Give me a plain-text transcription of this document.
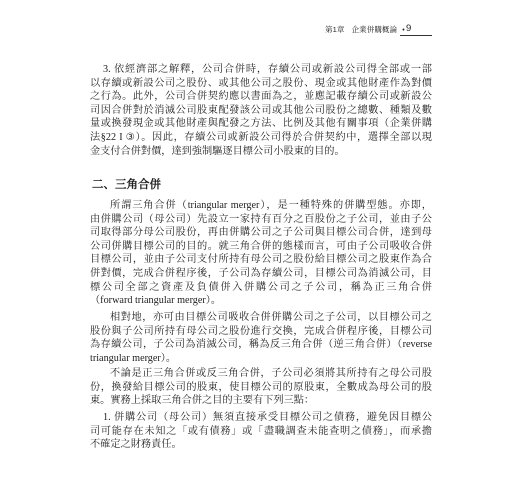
第1章 企業併購概論 • 9
3. 依經濟部之解釋，公司合併時，存續公司或新設公司得全部或一部
以存續或新設公司之股份、或其他公司之股份、現金或其他財產作為對價
之行為。此外，公司合併契約應以書面為之，並應記載存續公司或新設公
司因合併對於消滅公司股東配發該公司或其他公司股份之總數、種類及數
量或換發現金或其他財產與配發之方法、比例及其他有關事項（企業併購
法§22 I ③）。因此，存續公司或新設公司得於合併契約中，選擇全部以現
金支付合併對價，達到強制驅逐目標公司小股東的目的。
二、三角合併
所謂三角合併（triangular merger），是一種特殊的併購型態。亦即，
由併購公司（母公司）先設立一家持有百分之百股份之子公司，並由子公
司取得部分母公司股份，再由併購公司之子公司與目標公司合併，達到母
公司併購目標公司的目的。就三角合併的態樣而言，可由子公司吸收合併
目標公司，並由子公司支付所持有母公司之股份給目標公司之股東作為合
併對價，完成合併程序後，子公司為存續公司，目標公司為消滅公司，目
標公司全部之資產及負債併入併購公司之子公司，稱為正三角合併
（forward triangular merger）。
相對地，亦可由目標公司吸收合併併購公司之子公司，以目標公司之
股份與子公司所持有母公司之股份進行交換，完成合併程序後，目標公司
為存續公司，子公司為消滅公司，稱為反三角合併（逆三角合併）（reverse
triangular merger）。
不論是正三角合併或反三角合併，子公司必須將其所持有之母公司股
份，換發給目標公司的股東，使目標公司的原股東，全數成為母公司的股
東。實務上採取三角合併之目的主要有下列三點：
1. 併購公司（母公司）無須直接承受目標公司之債務，避免因目標公
司可能存在未知之「或有債務」或「盡職調查未能查明之債務」，而承擔
不確定之財務責任。
